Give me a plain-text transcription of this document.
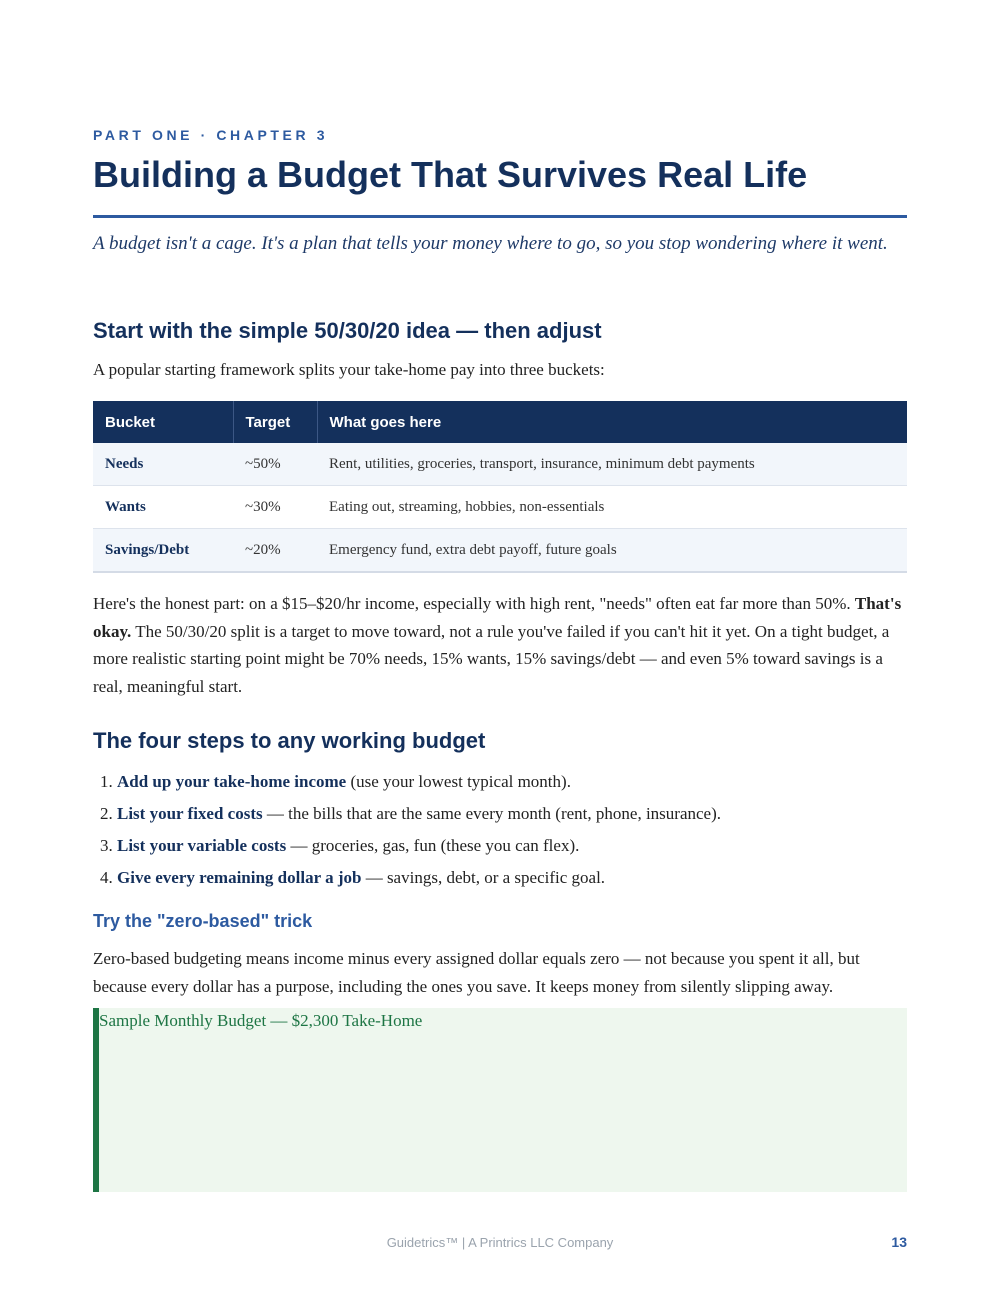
PART ONE · CHAPTER 3
Building a Budget That Survives Real Life

A budget isn't a cage. It's a plan that tells your money where to go, so you stop wondering where it went.

Start with the simple 50/30/20 idea — then adjust

A popular starting framework splits your take-home pay into three buckets:

Bucket	Target	What goes here
Needs	~50%	Rent, utilities, groceries, transport, insurance, minimum debt payments
Wants	~30%	Eating out, streaming, hobbies, non-essentials
Savings/Debt	~20%	Emergency fund, extra debt payoff, future goals

Here's the honest part: on a $15–$20/hr income, especially with high rent, "needs" often eat far more than 50%. That's okay. The 50/30/20 split is a target to move toward, not a rule you've failed if you can't hit it yet. On a tight budget, a more realistic starting point might be 70% needs, 15% wants, 15% savings/debt — and even 5% toward savings is a real, meaningful start.

The four steps to any working budget
1. Add up your take-home income (use your lowest typical month).
2. List your fixed costs — the bills that are the same every month (rent, phone, insurance).
3. List your variable costs — groceries, gas, fun (these you can flex).
4. Give every remaining dollar a job — savings, debt, or a specific goal.
Try the "zero-based" trick

Zero-based budgeting means income minus every assigned dollar equals zero — not because you spent it all, but because every dollar has a purpose, including the ones you save. It keeps money from silently slipping away.

Sample Monthly Budget — $2,300 Take-Home
Guidetrics™ | A Printrics LLC Company	13
